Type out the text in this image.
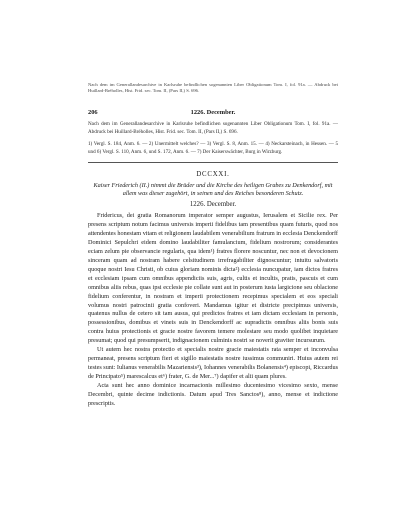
Nach dem im Generallandesarchive in Karlsruhe befindlichen sogenannten Liber Obligationum Tom. I, fol. 91a. — Abdruck bei Huillard-Bréholles, Hist. Frid. sec. Tom. II, (Pars II,) S. 696.
206	1226. December.
Nach dem im Generallandesarchive in Karlsruhe befindlichen sogenannten Liber Obligationum Tom. I, fol. 91a. — Abdruck bei Huillard-Bréholles, Hist. Frid. sec. Tom. II, (Pars II,) S. 696.
1) Vergl. S. 184, Anm. 6. — 2) Unermittelt welches? — 3) Vergl. S. 8, Anm. 15. — 4) Neckarsteinach, in Hessen. — 5 und 6) Vergl. S. 110, Anm. 6, und S. 172, Anm. 6. — 7) Der Kaiserswächter, Burg in Wirzburg.
DCCXXI.
Kaiser Friederich (II.) nimmt die Brüder und die Kirche des heiligen Grabes zu Denkendorf, mit allem was dieser zugehört, in seinen und des Reiches besonderen Schutz.
1226. December.

Fridericus, dei gratia Romanorum imperator semper augustus, Ierusalem et Sicilie rex. Per presens scriptum notum facimus universis imperii fidelibus tam presentibus quam futuris, quod nos attendentes honestam vitam et religionem laudabilem venerabilium fratrum in ecclesia Denckendorff Dominici Sepulchri eidem domino laudabiliter famulancium, fidelium nostrorum; considerantes eciam zelum pie observancie regularis, qua idem¹) fratres florere noscuntur, nec non et devocionem sinceram quam ad nostram habere celsitudinem irrefragabiliter dignoscuntur; intuitu salvatoris quoque nostri Iesu Christi, ob cuius gloriam nominis dicta²) ecclesia nuncupatur, iam dictos fratres et ecclesiam ipsam cum omnibus appendiciis suis, agris, cultis et incultis, pratis, pascuis et cum omnibus aliis rebus, quas ipsi ecclesie pie collate sunt aut in posterum iusta largicione seu oblacione fidelium conferentur, in nostram et imperii protectionem recepimus specialem et eos speciali volumus nostri patrocinii gratia confoveri. Mandamus igitur et districte precipimus universis, quatenus nullus de cetero sit tam ausus, qui predictos fratres et iam dictam ecclesiam in personis, possessionibus, domibus et vineis suis in Denckendorff ac supradictis omnibus aliis bonis suis contra huius protectionis et gracie nostre favorem temere molestare seu modo quolibet inquietare presumat; quod qui presumpserit, indignacionem culminis nostri se noverit graviter incursurum.

Ut autem hec nostra protectio et specialis nostre gracie maiestatis rata semper et inconvulsa permaneat, presens scriptum fieri et sigillo maiestatis nostre iussimus communiri. Huius autem rei testes sunt: Iulianus venerabilis Mazariensis³), Iohannes venerabilis Bolanensis⁴) episcopi, Riccardus de Principato⁵) marescalcus et⁶) frater, G. de Mer...⁷) dapifer et alii quam plures.

Acta sunt hec anno dominice incarnacionis millesimo ducentesimo vicesimo sexto, mense Decembri, quinte decime indictionis. Datum apud Tres Sanctos⁸), anno, mense et indictione prescriptis.
